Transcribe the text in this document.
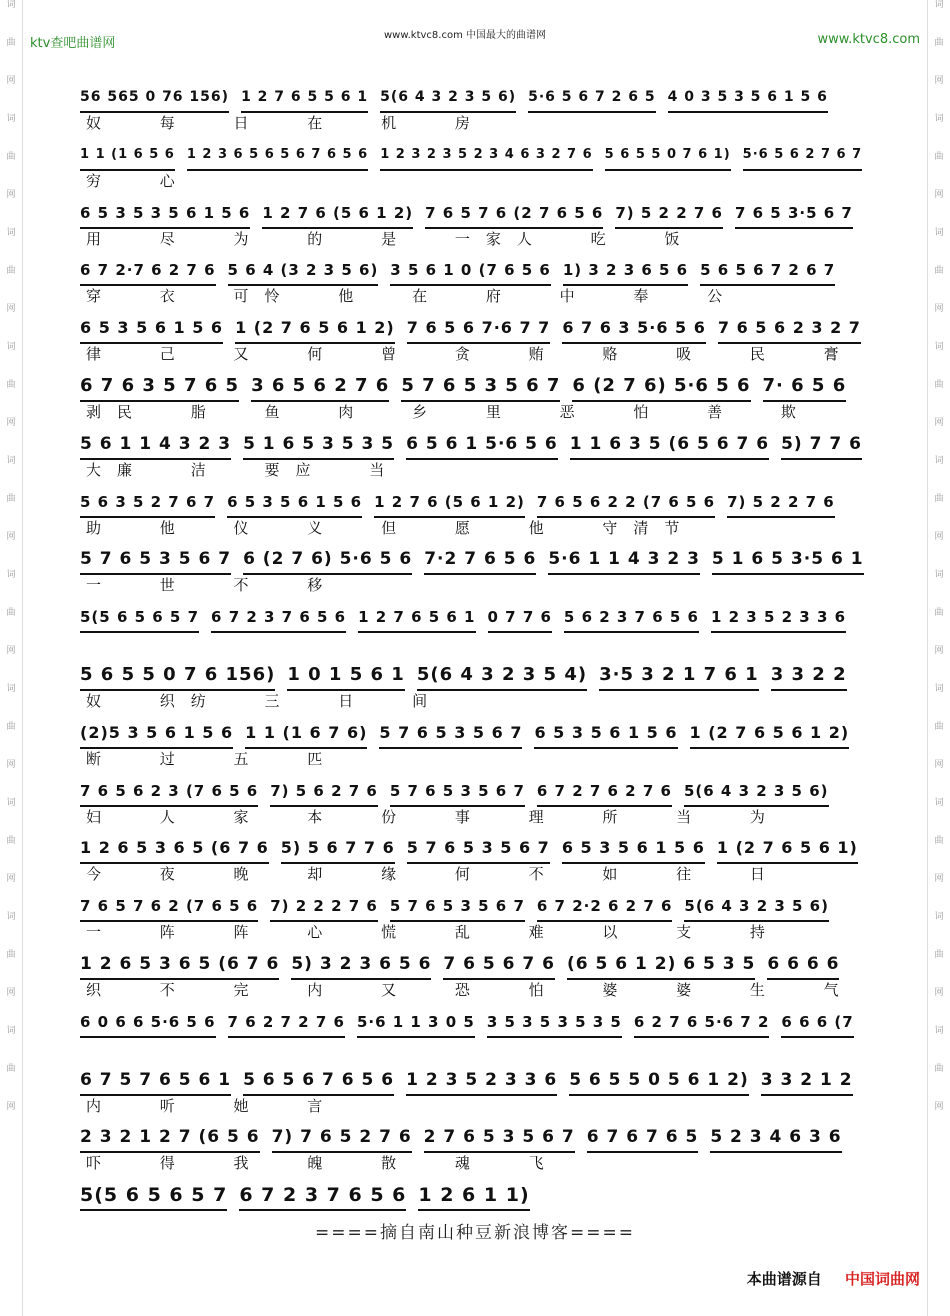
词
曲
网
词
曲
网
词
曲
网
词
曲
网
词
曲
网
词
曲
网
词
曲
网
词
曲
网
词
曲
网
词
曲
网
词
曲
网
词
曲
网
词
曲
网
词
曲
网
词
曲
网
词
曲
网
词
曲
网
词
曲
网
词
曲
网
词
曲
网
ktv查吧曲谱网
www.ktvc8.com 中国最大的曲谱网	www.ktvc8.com
56 565 0 76 156) 1 2 7 6 5 5 6 1 5(6 4 3 2 3 5 6) 5·6 5 6 7 2 6 5 4 0 3 5 3 5 6 1 5 6
奴 每 日 在 机 房
1 1 (1 6 5 6 1 2 3 6 5 6 5 6 7 6 5 6 1 2 3 2 3 5 2 3 4 6 3 2 7 6 5 6 5 5 0 7 6 1) 5·6 5 6 2 7 6 7
穷 心
6 5 3 5 3 5 6 1 5 6 1 2 7 6 (5 6 1 2) 7 6 5 7 6 (2 7 6 5 6 7) 5 2 2 7 6 7 6 5 3·5 6 7
用 尽 为 的 是 一家人 吃 饭
6 7 2·7 6 2 7 6 5 6 4 (3 2 3 5 6) 3 5 6 1 0 (7 6 5 6 1) 3 2 3 6 5 6 5 6 5 6 7 2 6 7
穿 衣 可怜 他 在 府 中 奉 公
6 5 3 5 6 1 5 6 1 (2 7 6 5 6 1 2) 7 6 5 6 7·6 7 7 6 7 6 3 5·6 5 6 7 6 5 6 2 3 2 7
律 己 又 何 曾 贪 贿 赂 吸 民 膏
6 7 6 3 5 7 6 5 3 6 5 6 2 7 6 5 7 6 5 3 5 6 7 6 (2 7 6) 5·6 5 6 7· 6 5 6
剥民 脂 鱼 肉 乡 里 恶 怕 善 欺
5 6 1 1 4 3 2 3 5 1 6 5 3 5 3 5 6 5 6 1 5·6 5 6 1 1 6 3 5 (6 5 6 7 6 5) 7 7 6
大廉 洁 要应 当
5 6 3 5 2 7 6 7 6 5 3 5 6 1 5 6 1 2 7 6 (5 6 1 2) 7 6 5 6 2 2 (7 6 5 6 7) 5 2 2 7 6
助 他 仪 义 但 愿 他 守清节
5 7 6 5 3 5 6 7 6 (2 7 6) 5·6 5 6 7·2 7 6 5 6 5·6 1 1 4 3 2 3 5 1 6 5 3·5 6 1
一 世 不 移
5(5 6 5 6 5 7 6 7 2 3 7 6 5 6 1 2 7 6 5 6 1 0 7 7 6 5 6 2 3 7 6 5 6 1 2 3 5 2 3 3 6
5 6 5 5 0 7 6 156) 1 0 1 5 6 1 5(6 4 3 2 3 5 4) 3·5 3 2 1 7 6 1 3 3 2 2
奴 织纺 三 日 间
(2)5 3 5 6 1 5 6 1 1 (1 6 7 6) 5 7 6 5 3 5 6 7 6 5 3 5 6 1 5 6 1 (2 7 6 5 6 1 2)
断 过 五 匹
7 6 5 6 2 3 (7 6 5 6 7) 5 6 2 7 6 5 7 6 5 3 5 6 7 6 7 2 7 6 2 7 6 5(6 4 3 2 3 5 6)
妇 人 家 本 份 事 理 所 当 为
1 2 6 5 3 6 5 (6 7 6 5) 5 6 7 7 6 5 7 6 5 3 5 6 7 6 5 3 5 6 1 5 6 1 (2 7 6 5 6 1)
今 夜 晚 却 缘 何 不 如 往 日
7 6 5 7 6 2 (7 6 5 6 7) 2 2 2 7 6 5 7 6 5 3 5 6 7 6 7 2·2 6 2 7 6 5(6 4 3 2 3 5 6)
一 阵 阵 心 慌 乱 难 以 支 持
1 2 6 5 3 6 5 (6 7 6 5) 3 2 3 6 5 6 7 6 5 6 7 6 (6 5 6 1 2) 6 5 3 5 6 6 6 6
织 不 完 内 又 恐 怕 婆 婆 生 气
6 0 6 6 5·6 5 6 7 6 2 7 2 7 6 5·6 1 1 3 0 5 3 5 3 5 3 5 3 5 6 2 7 6 5·6 7 2 6 6 6 (7
6 7 5 7 6 5 6 1 5 6 5 6 7 6 5 6 1 2 3 5 2 3 3 6 5 6 5 5 0 5 6 1 2) 3 3 2 1 2
内 听 她 言
2 3 2 1 2 7 (6 5 6 7) 7 6 5 2 7 6 2 7 6 5 3 5 6 7 6 7 6 7 6 5 5 2 3 4 6 3 6
吓 得 我 魄 散 魂 飞
5(5 6 5 6 5 7 6 7 2 3 7 6 5 6 1 2 6 1 1)
====摘自南山种豆新浪博客====
本曲谱源自 中国词曲网
